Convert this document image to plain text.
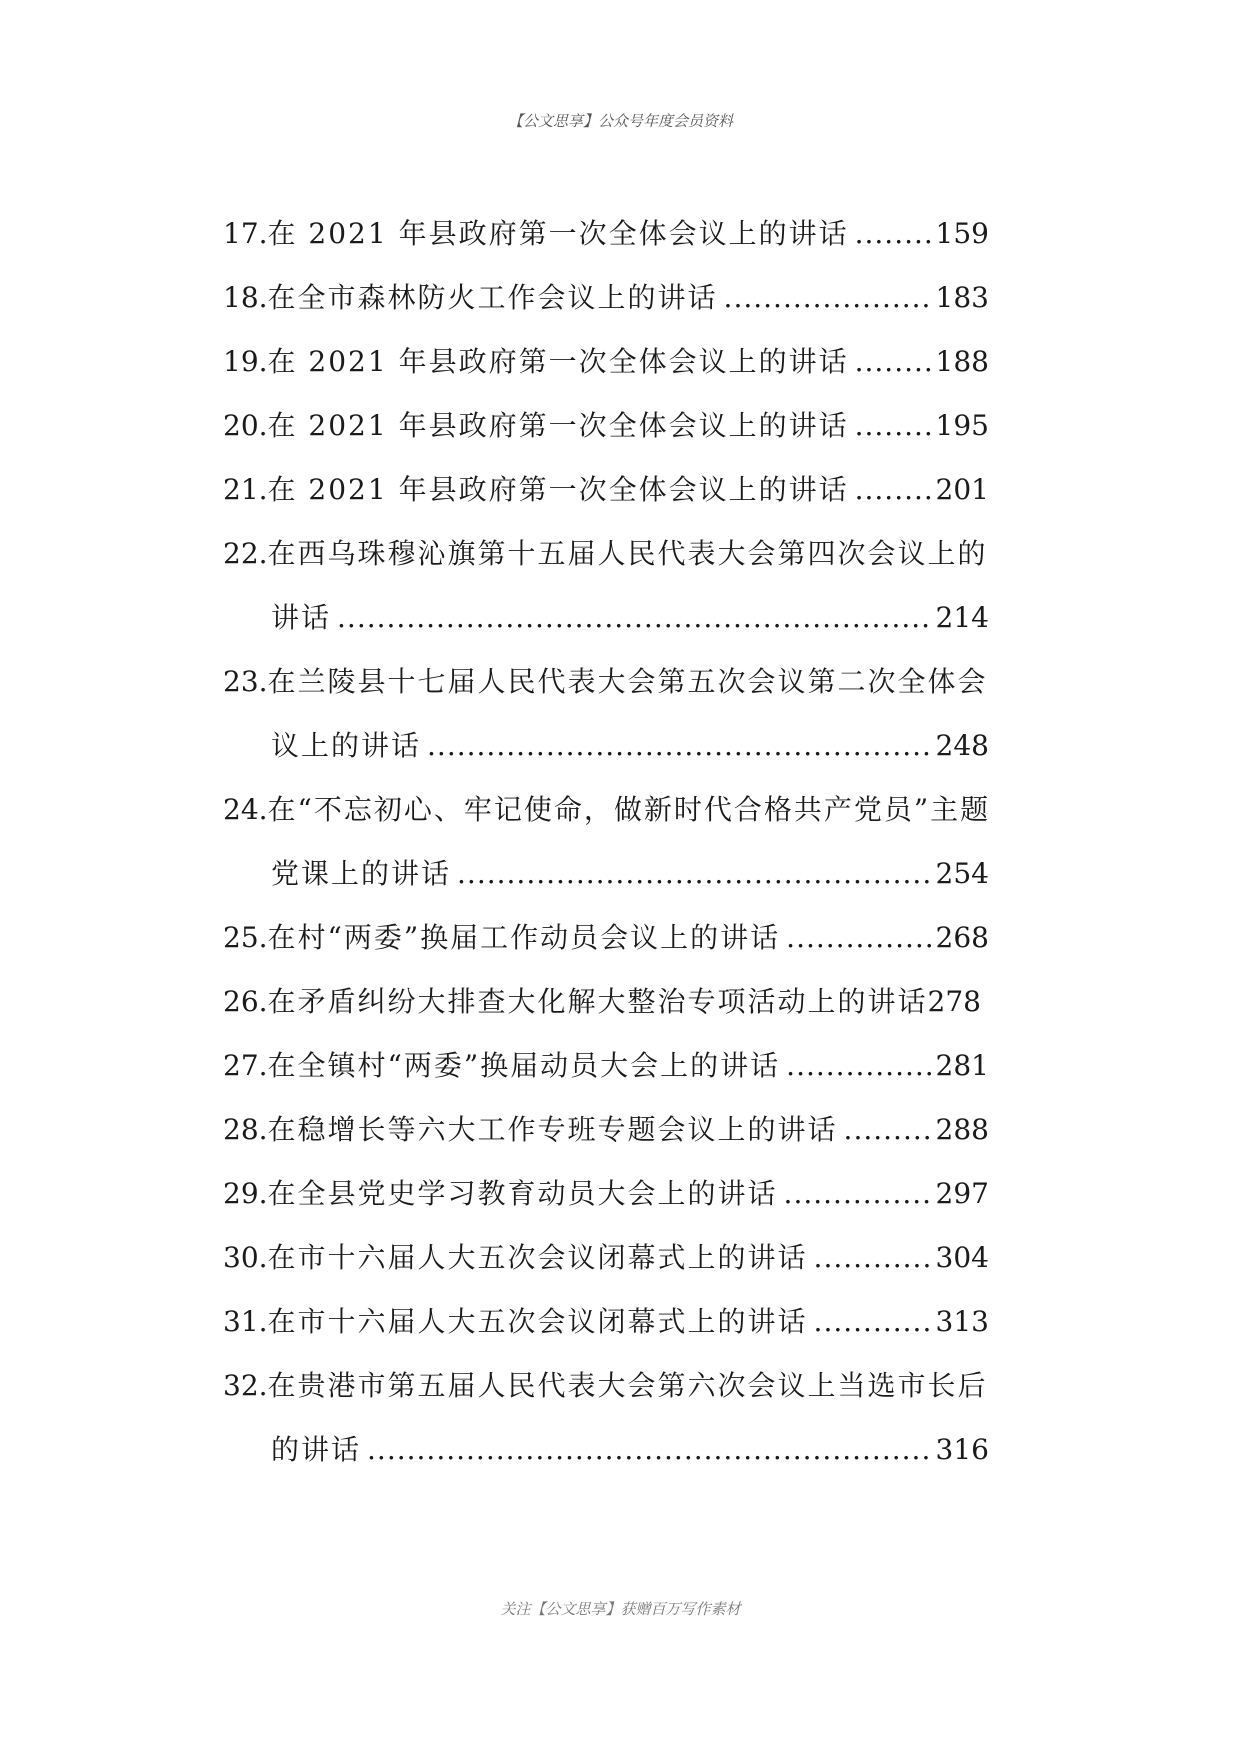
【公文思享】公众号年度会员资料
17. 在 2021 年县政府第一次全体会议上的讲话 .....	159
18. 在全市森林防火工作会议上的讲话 .....	183
19. 在 2021 年县政府第一次全体会议上的讲话 .....	188
20. 在 2021 年县政府第一次全体会议上的讲话 .....	195
21. 在 2021 年县政府第一次全体会议上的讲话 .....	201
22. 在西乌珠穆沁旗第十五届人民代表大会第四次会议上的
讲话 .....	214
23. 在兰陵县十七届人民代表大会第五次会议第二次全体会
议上的讲话 .....	248
24. 在“不忘初心、牢记使命，做新时代合格共产党员”主题
党课上的讲话 .....	254
25. 在村“两委”换届工作动员会议上的讲话 .....	268
26. 在矛盾纠纷大排查大化解大整治专项活动上的讲话 278
27. 在全镇村“两委”换届动员大会上的讲话 .....	281
28. 在稳增长等六大工作专班专题会议上的讲话 .....	288
29. 在全县党史学习教育动员大会上的讲话 .....	297
30. 在市十六届人大五次会议闭幕式上的讲话 .....	304
31. 在市十六届人大五次会议闭幕式上的讲话 .....	313
32. 在贵港市第五届人民代表大会第六次会议上当选市长后
的讲话 .....	316
关注【公文思享】获赠百万写作素材
